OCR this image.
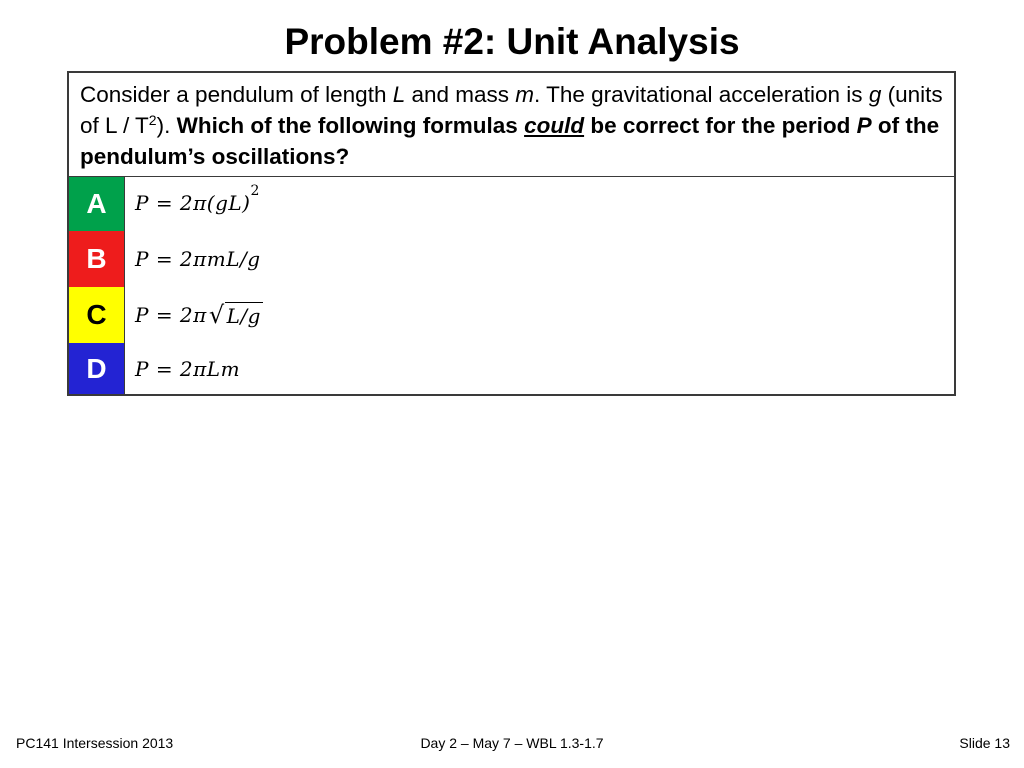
Problem #2: Unit Analysis
Consider a pendulum of length L and mass m. The gravitational acceleration is g (units of L / $T^2$). Which of the following formulas could be correct for the period P of the pendulum’s oscillations?
A	P = 2π(gL) 2
B	P = 2πmL/g
C	P = 2π √ L/g
D	P = 2πLm
PC141 Intersession 2013	Day 2 – May 7 – WBL 1.3-1.7	Slide 13
